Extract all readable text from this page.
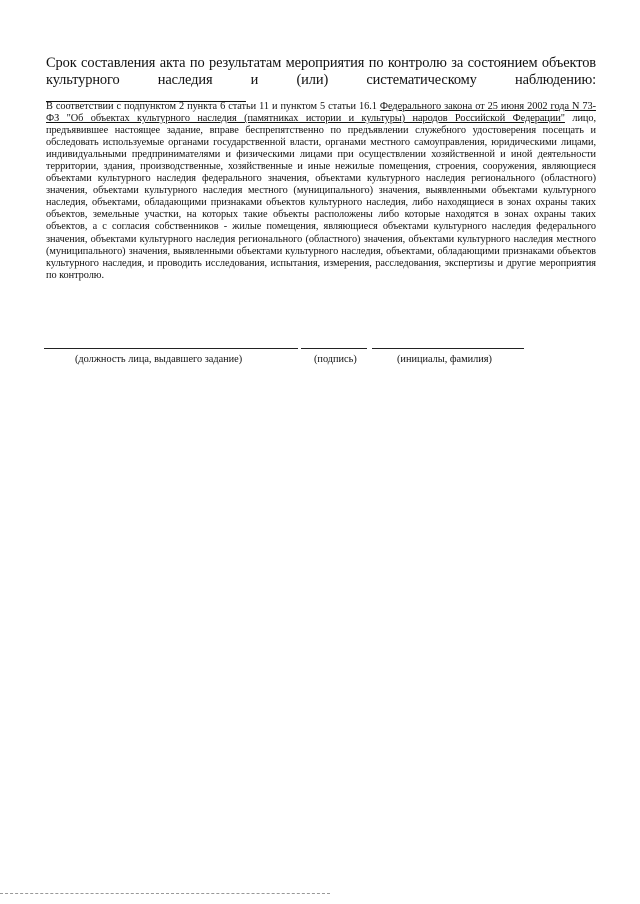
Срок составления акта по результатам мероприятия по контролю за состоянием объектов культурного наследия и (или) систематическому наблюдению:
В соответствии с подпунктом 2 пункта 6 статьи 11 и пунктом 5 статьи 16.1 Федерального закона от 25 июня 2002 года N 73-ФЗ "Об объектах культурного наследия (памятниках истории и культуры) народов Российской Федерации" лицо, предъявившее настоящее задание, вправе беспрепятственно по предъявлении служебного удостоверения посещать и обследовать используемые органами государственной власти, органами местного самоуправления, юридическими лицами, индивидуальными предпринимателями и физическими лицами при осуществлении хозяйственной и иной деятельности территории, здания, производственные, хозяйственные и иные нежилые помещения, строения, сооружения, являющиеся объектами культурного наследия федерального значения, объектами культурного наследия регионального (областного) значения, объектами культурного наследия местного (муниципального) значения, выявленными объектами культурного наследия, объектами, обладающими признаками объектов культурного наследия, либо находящиеся в зонах охраны таких объектов, земельные участки, на которых такие объекты расположены либо которые находятся в зонах охраны таких объектов, а с согласия собственников - жилые помещения, являющиеся объектами культурного наследия федерального значения, объектами культурного наследия регионального (областного) значения, объектами культурного наследия местного (муниципального) значения, выявленными объектами культурного наследия, объектами, обладающими признаками объектов культурного наследия, и проводить исследования, испытания, измерения, расследования, экспертизы и другие мероприятия по контролю.
(должность лица, выдавшего задание)	(подпись)	(инициалы, фамилия)
